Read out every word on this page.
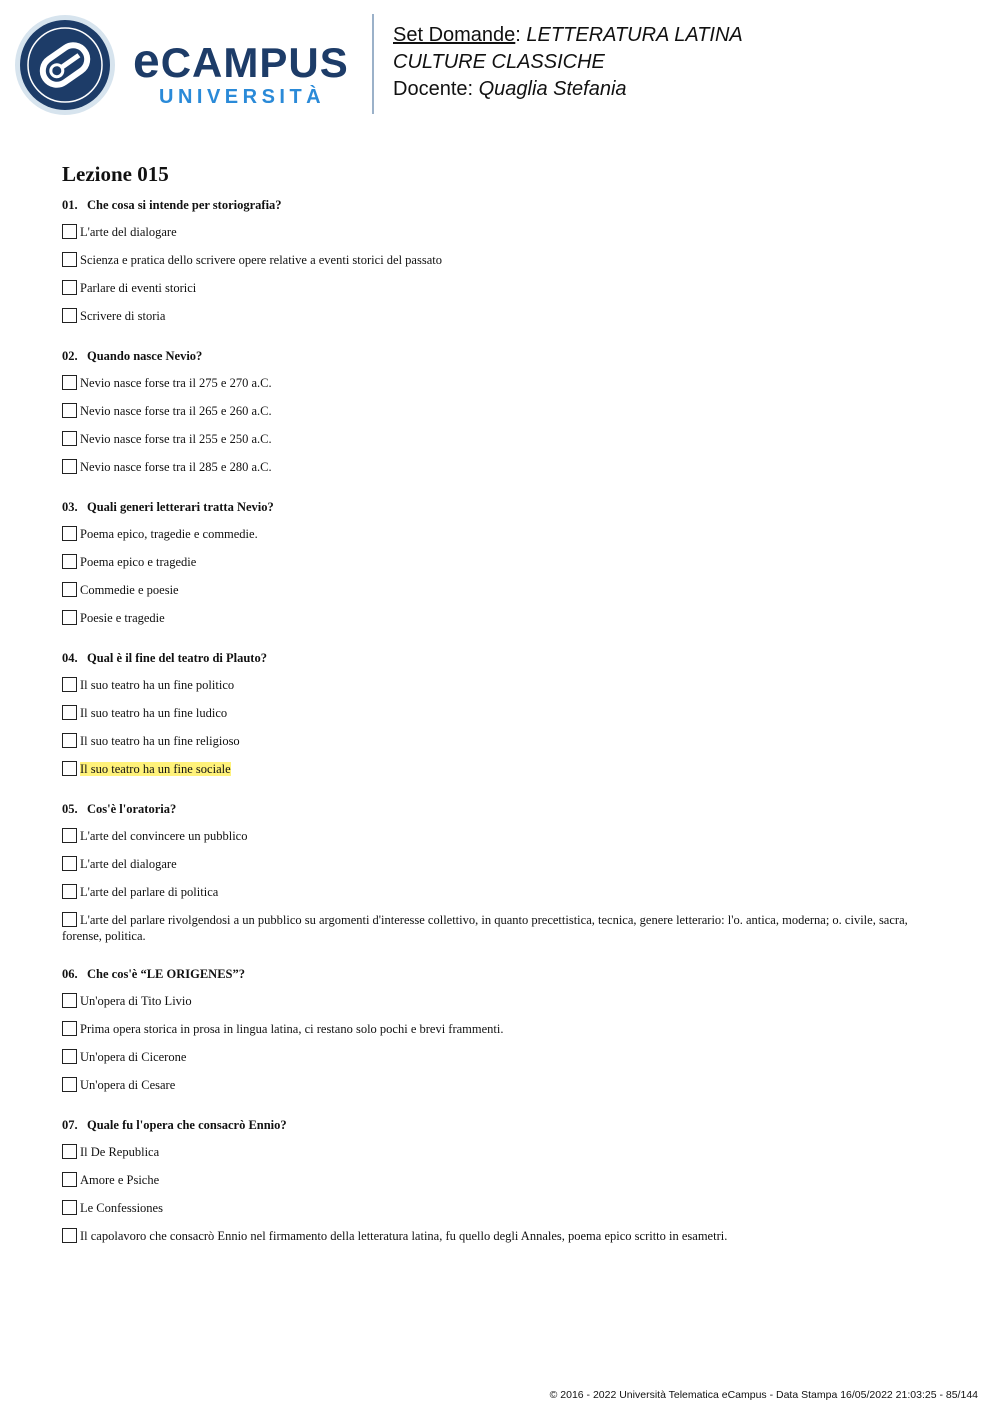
eCAMPUS
UNIVERSITÀ
Set Domande: LETTERATURA LATINA
CULTURE CLASSICHE
Docente: Quaglia Stefania
Lezione 015
01. Che cosa si intende per storiografia?
L'arte del dialogare
Scienza e pratica dello scrivere opere relative a eventi storici del passato
Parlare di eventi storici
Scrivere di storia
02. Quando nasce Nevio?
Nevio nasce forse tra il 275 e 270 a.C.
Nevio nasce forse tra il 265 e 260 a.C.
Nevio nasce forse tra il 255 e 250 a.C.
Nevio nasce forse tra il 285 e 280 a.C.
03. Quali generi letterari tratta Nevio?
Poema epico, tragedie e commedie.
Poema epico e tragedie
Commedie e poesie
Poesie e tragedie
04. Qual è il fine del teatro di Plauto?
Il suo teatro ha un fine politico
Il suo teatro ha un fine ludico
Il suo teatro ha un fine religioso
Il suo teatro ha un fine sociale
05. Cos'è l'oratoria?
L'arte del convincere un pubblico
L'arte del dialogare
L'arte del parlare di politica
L'arte del parlare rivolgendosi a un pubblico su argomenti d'interesse collettivo, in quanto precettistica, tecnica, genere letterario: l'o. antica, moderna; o. civile, sacra, forense, politica.
06. Che cos'è “LE ORIGENES”?
Un'opera di Tito Livio
Prima opera storica in prosa in lingua latina, ci restano solo pochi e brevi frammenti.
Un'opera di Cicerone
Un'opera di Cesare
07. Quale fu l'opera che consacrò Ennio?
Il De Republica
Amore e Psiche
Le Confessiones
Il capolavoro che consacrò Ennio nel firmamento della letteratura latina, fu quello degli Annales, poema epico scritto in esametri.
© 2016 - 2022 Università Telematica eCampus - Data Stampa 16/05/2022 21:03:25 - 85/144
